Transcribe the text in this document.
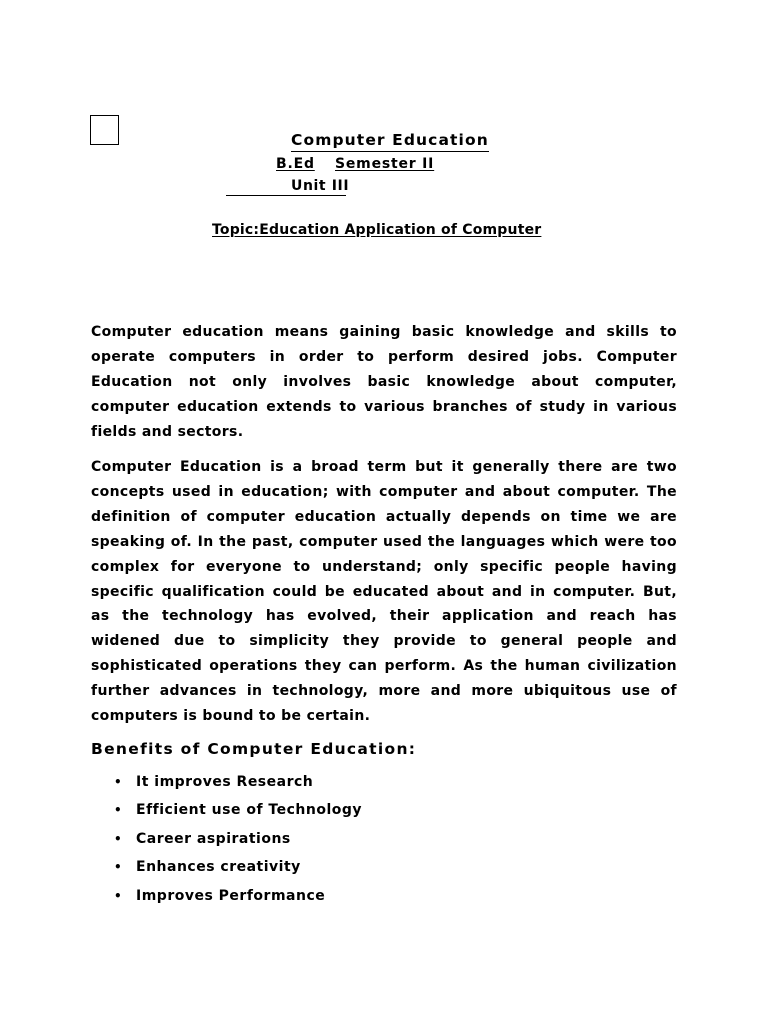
Computer Education
B.Ed Semester II
Unit III
Topic:Education Application of Computer

Computer education means gaining basic knowledge and skills to operate computers in order to perform desired jobs. Computer Education not only involves basic knowledge about computer, computer education extends to various branches of study in various fields and sectors.

Computer Education is a broad term but it generally there are two concepts used in education; with computer and about computer. The definition of computer education actually depends on time we are speaking of. In the past, computer used the languages which were too complex for everyone to understand; only specific people having specific qualification could be educated about and in computer. But, as the technology has evolved, their application and reach has widened due to simplicity they provide to general people and sophisticated operations they can perform. As the human civilization further advances in technology, more and more ubiquitous use of computers is bound to be certain.

Benefits of Computer Education:
• It improves Research
• Efficient use of Technology
• Career aspirations
• Enhances creativity
• Improves Performance
